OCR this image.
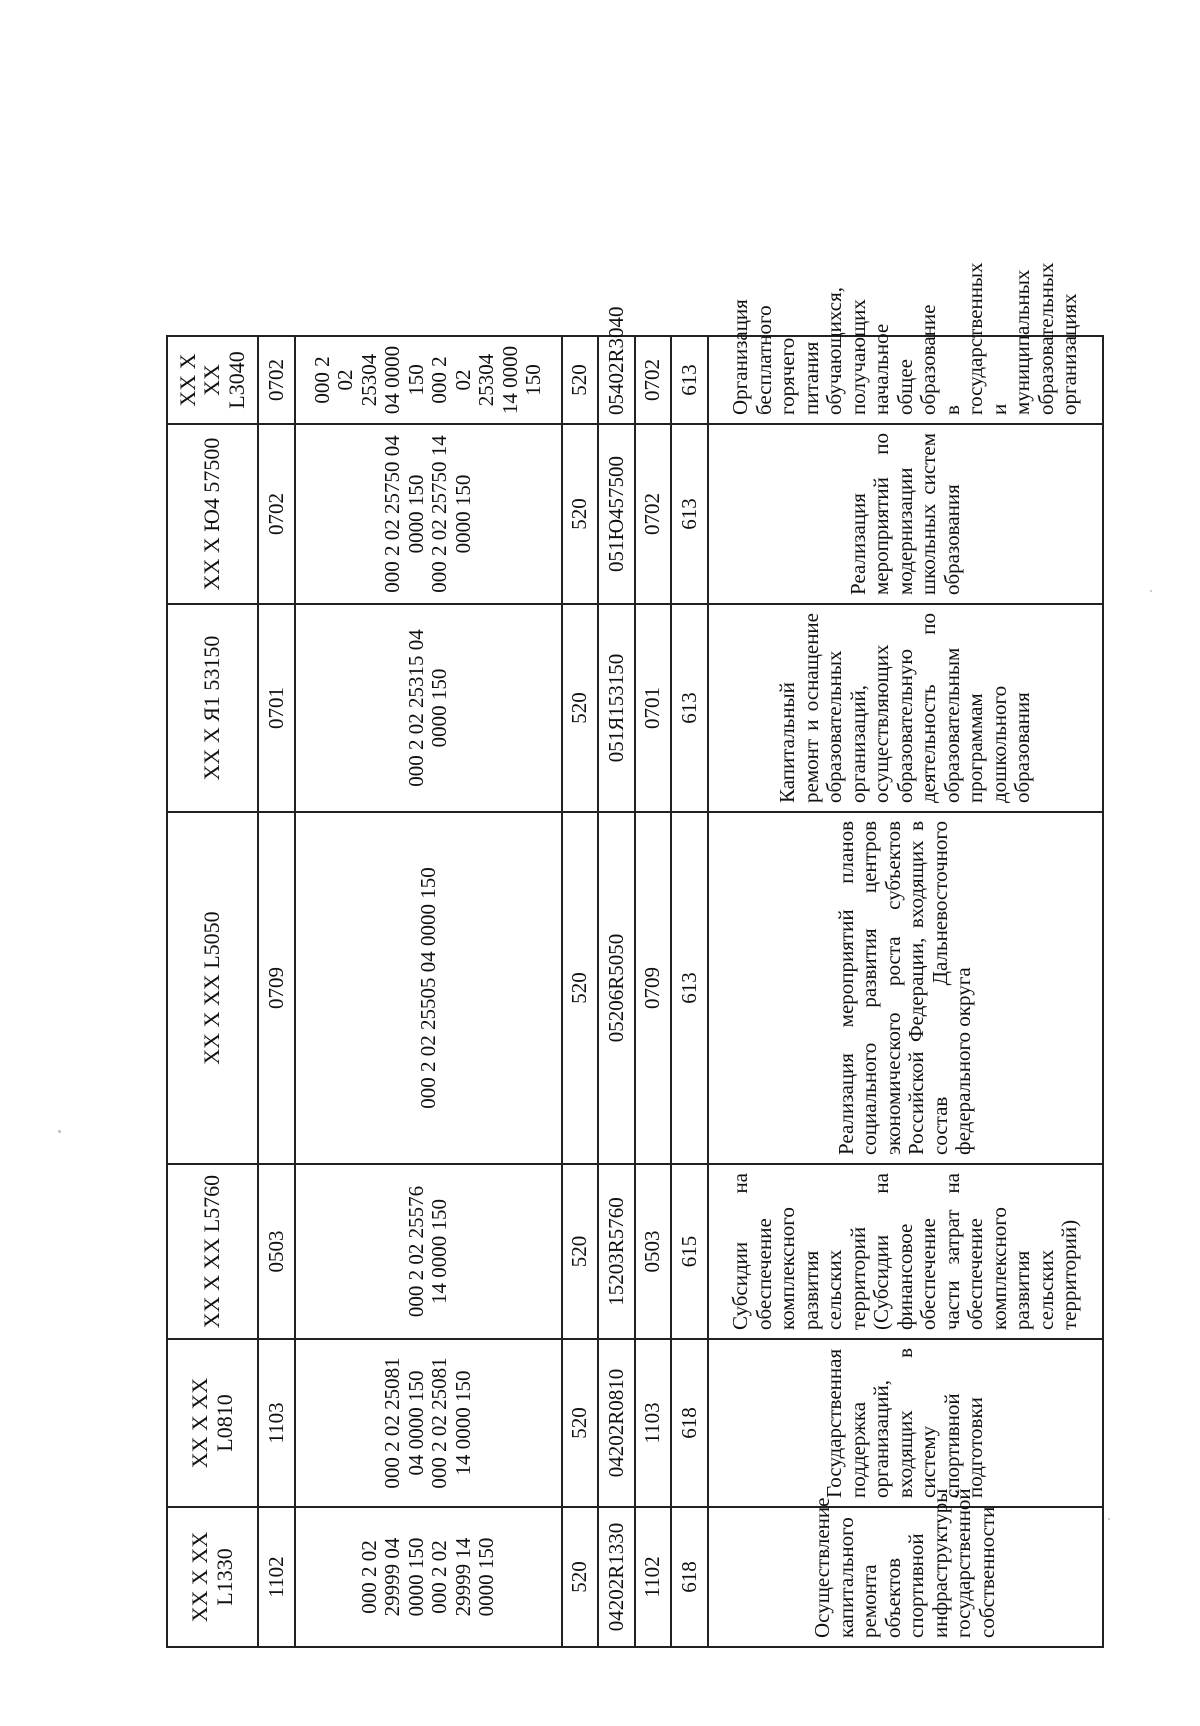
XX X XX L1330	XX X XX L0810	XX X XX L5760	XX X XX L5050	XX X Я1 53150	XX X Ю4 57500	XX X XX L3040
1102	1103	0503	0709	0701	0702	0702

000 2 02 29999 04 0000 150 000 2 02 29999 14 0000 150	000 2 02 25081 04 0000 150 000 2 02 25081 14 0000 150	000 2 02 25576 14 0000 150	000 2 02 25505 04 0000 150	000 2 02 25315 04 0000 150	000 2 02 25750 04 0000 150 000 2 02 25750 14 0000 150	000 2 02 25304 04 0000 150 000 2 02 25304 14 0000 150

520	520	520	520	520	520	520
04202R1330	04202R0810	15203R5760	05206R5050	051Я153150	051Ю457500	05402R3040
1102	1103	0503	0709	0701	0702	0702
618	618	615	613	613	613	613

Осуществление капитального ремонта объектов спортивной инфраструктуры государственной собственности	Государственная поддержка организаций, входящих в систему спортивной подготовки	Субсидии на обеспечение комплексного развития сельских территорий (Субсидии на финансовое обеспечение части затрат на обеспечение комплексного развития сельских территорий)	Реализация мероприятий планов социального развития центров экономического роста субъектов Российской Федерации, входящих в состав Дальневосточного федерального округа	Капитальный ремонт и оснащение образовательных организаций, осуществляющих образовательную деятельность по образовательным программам дошкольного образования	Реализация мероприятий по модернизации школьных систем образования	Организация бесплатного горячего питания обучающихся, получающих начальное общее образование в государственных и муниципальных образовательных организациях
